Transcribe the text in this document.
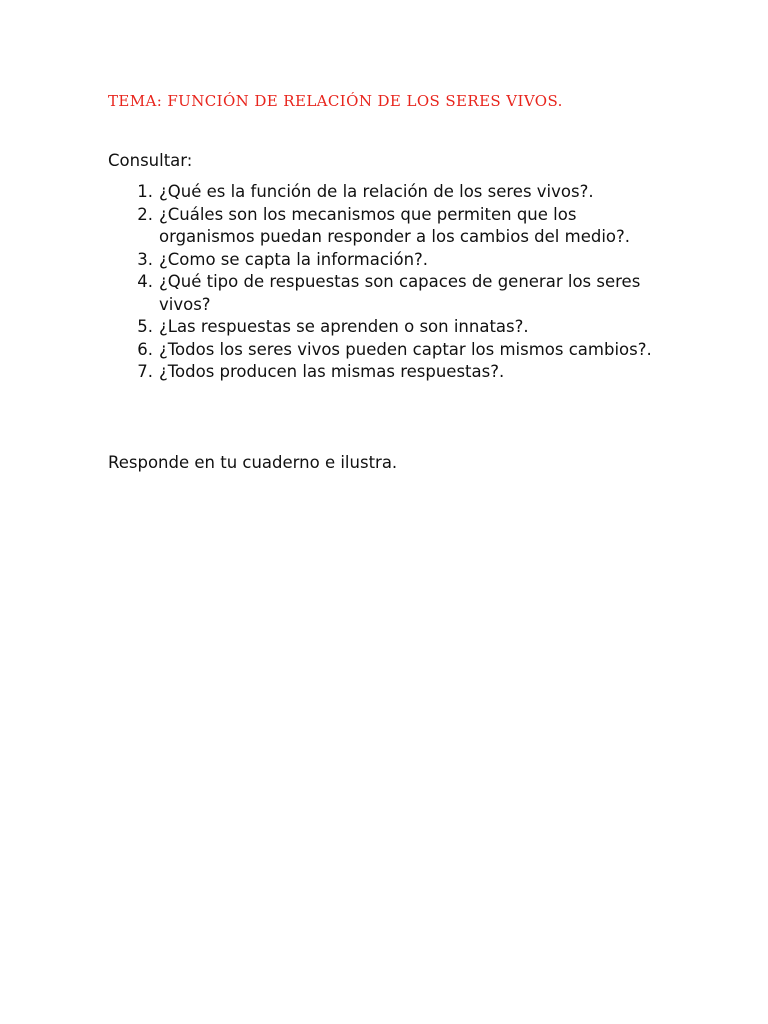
TEMA: FUNCIÓN DE RELACIÓN DE LOS SERES VIVOS.
Consultar:
1. ¿Qué es la función de la relación de los seres vivos?.
2. ¿Cuáles son los mecanismos que permiten que los organismos puedan responder a los cambios del medio?.
3. ¿Como se capta la información?.
4. ¿Qué tipo de respuestas son capaces de generar los seres vivos?
5. ¿Las respuestas se aprenden o son innatas?.
6. ¿Todos los seres vivos pueden captar los mismos cambios?.
7. ¿Todos producen las mismas respuestas?.
Responde en tu cuaderno e ilustra.
